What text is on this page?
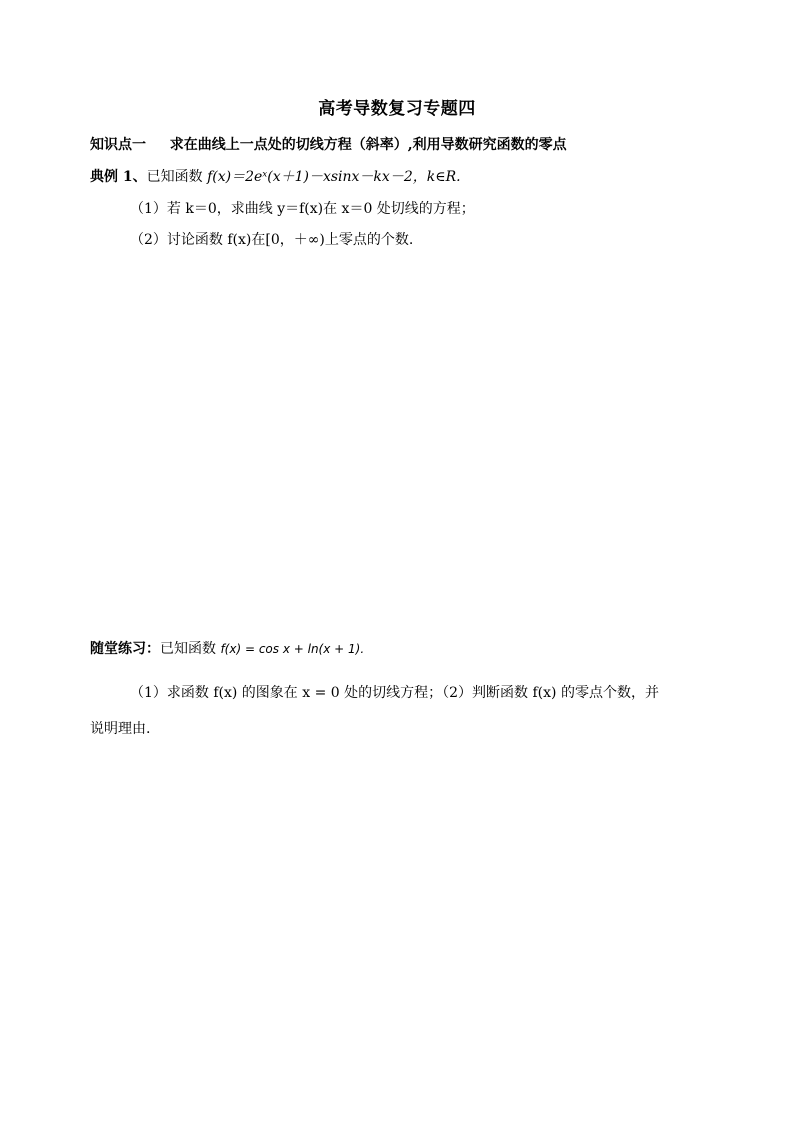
高考导数复习专题四
知识点一 求在曲线上一点处的切线方程（斜率）,利用导数研究函数的零点
典例 1、已知函数 f(x)＝2eˣ(x＋1)－xsinx－kx－2，k∈R.
（1）若 k＝0，求曲线 y＝f(x)在 x＝0 处切线的方程；
（2）讨论函数 f(x)在[0，＋∞)上零点的个数.
随堂练习：已知函数 f(x) = cos x + ln(x + 1).
（1）求函数 f(x) 的图象在 x = 0 处的切线方程；（2）判断函数 f(x) 的零点个数，并
说明理由.
